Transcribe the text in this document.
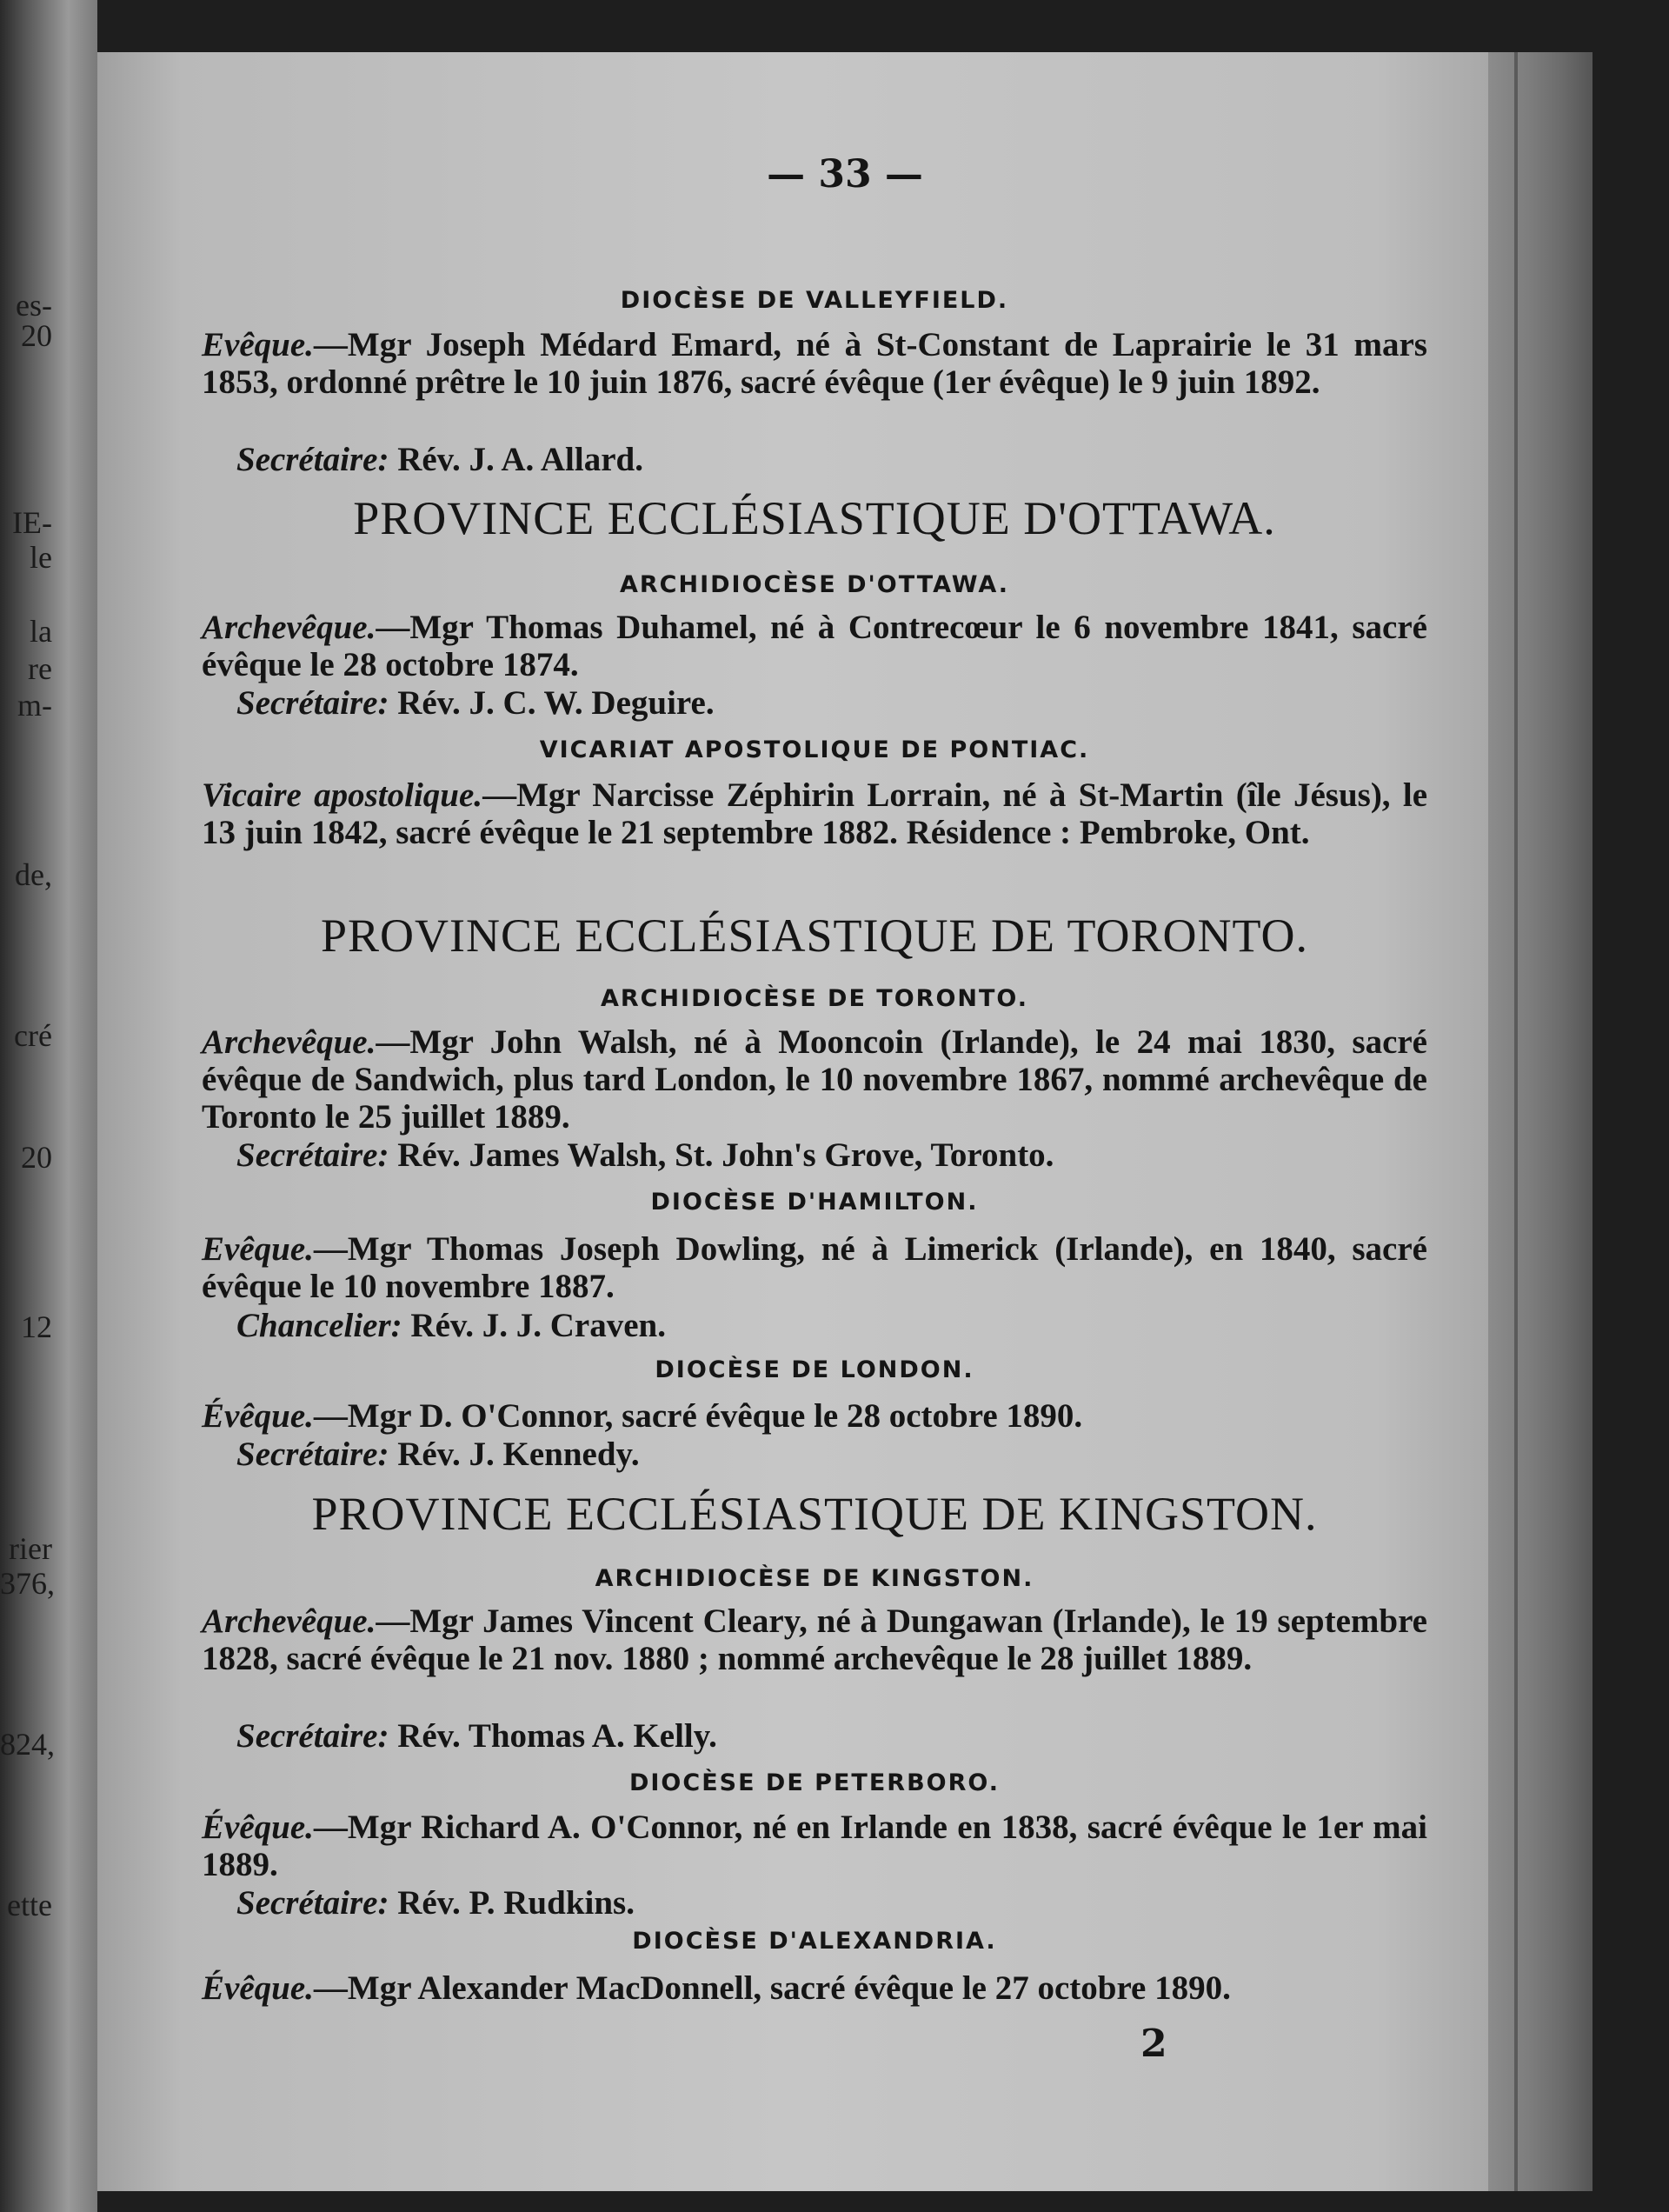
es-
20
IE-
le
la
re
m-
de,
cré
20
12
rier
376,
824,
ette
— 33 —
DIOCÈSE DE VALLEYFIELD.
Evêque.—Mgr Joseph Médard Emard, né à St-Constant de Laprairie le 31 mars 1853, ordonné prêtre le 10 juin 1876, sacré évêque (1er évêque) le 9 juin 1892.
Secrétaire: Rév. J. A. Allard.
PROVINCE ECCLÉSIASTIQUE D'OTTAWA.
ARCHIDIOCÈSE D'OTTAWA.
Archevêque.—Mgr Thomas Duhamel, né à Contrecœur le 6 novembre 1841, sacré évêque le 28 octobre 1874.
Secrétaire: Rév. J. C. W. Deguire.
VICARIAT APOSTOLIQUE DE PONTIAC.
Vicaire apostolique.—Mgr Narcisse Zéphirin Lorrain, né à St-Martin (île Jésus), le 13 juin 1842, sacré évêque le 21 septembre 1882. Résidence : Pembroke, Ont.
PROVINCE ECCLÉSIASTIQUE DE TORONTO.
ARCHIDIOCÈSE DE TORONTO.
Archevêque.—Mgr John Walsh, né à Mooncoin (Irlande), le 24 mai 1830, sacré évêque de Sandwich, plus tard London, le 10 novembre 1867, nommé archevêque de Toronto le 25 juillet 1889.
Secrétaire: Rév. James Walsh, St. John's Grove, Toronto.
DIOCÈSE D'HAMILTON.
Evêque.—Mgr Thomas Joseph Dowling, né à Limerick (Irlande), en 1840, sacré évêque le 10 novembre 1887.
Chancelier: Rév. J. J. Craven.
DIOCÈSE DE LONDON.
Évêque.—Mgr D. O'Connor, sacré évêque le 28 octobre 1890.
Secrétaire: Rév. J. Kennedy.
PROVINCE ECCLÉSIASTIQUE DE KINGSTON.
ARCHIDIOCÈSE DE KINGSTON.
Archevêque.—Mgr James Vincent Cleary, né à Dungawan (Irlande), le 19 septembre 1828, sacré évêque le 21 nov. 1880 ; nommé archevêque le 28 juillet 1889.
Secrétaire: Rév. Thomas A. Kelly.
DIOCÈSE DE PETERBORO.
Évêque.—Mgr Richard A. O'Connor, né en Irlande en 1838, sacré évêque le 1er mai 1889.
Secrétaire: Rév. P. Rudkins.
DIOCÈSE D'ALEXANDRIA.
Évêque.—Mgr Alexander MacDonnell, sacré évêque le 27 octobre 1890.
2
